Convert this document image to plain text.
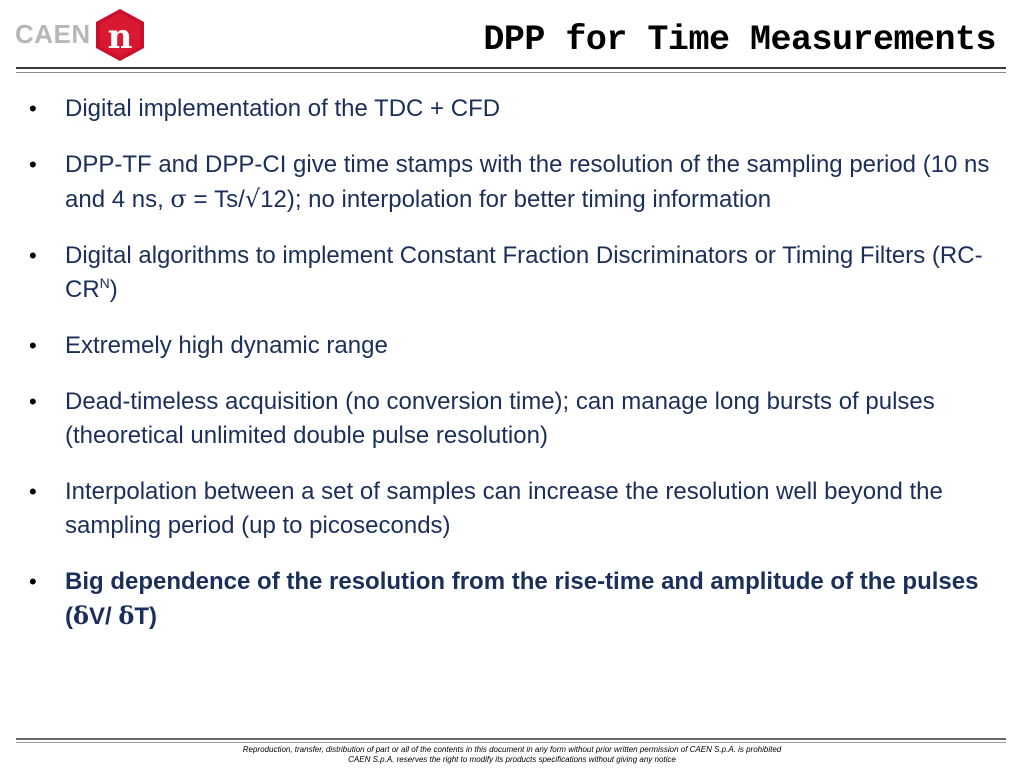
CAEN n	DPP for Time Measurements
•	Digital implementation of the TDC + CFD
•	DPP-TF and DPP-CI give time stamps with the resolution of the sampling period (10 ns and 4 ns, σ = Ts/√12); no interpolation for better timing information
•	Digital algorithms to implement Constant Fraction Discriminators or Timing Filters $(RC-CR^N)$
•	Extremely high dynamic range
•	Dead-timeless acquisition (no conversion time); can manage long bursts of pulses (theoretical unlimited double pulse resolution)
•	Interpolation between a set of samples can increase the resolution well beyond the sampling period (up to picoseconds)
•	Big dependence of the resolution from the rise-time and amplitude of the pulses (δV/ δT)
Reproduction, transfer, distribution of part or all of the contents in this document in any form without prior written permission of CAEN S.p.A. is prohibited
CAEN S.p.A. reserves the right to modify its products specifications without giving any notice
